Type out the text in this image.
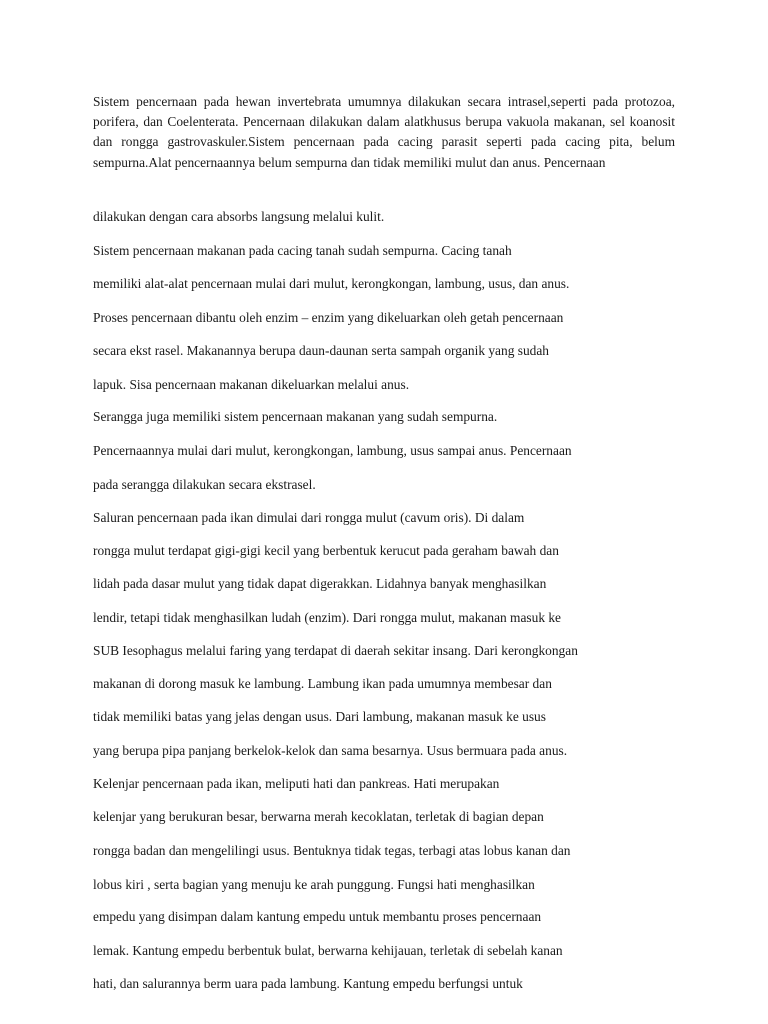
Sistem pencernaan pada hewan invertebrata umumnya dilakukan secara intrasel,seperti pada protozoa, porifera, dan Coelenterata. Pencernaan dilakukan dalam alatkhusus berupa vakuola makanan, sel koanosit dan rongga gastrovaskuler.Sistem pencernaan pada cacing parasit seperti pada cacing pita, belum sempurna.Alat pencernaannya belum sempurna dan tidak memiliki mulut dan anus. Pencernaan

dilakukan dengan cara absorbs langsung melalui kulit.

Sistem pencernaan makanan pada cacing tanah sudah sempurna. Cacing tanah

memiliki alat-alat pencernaan mulai dari mulut, kerongkongan, lambung, usus, dan anus.

Proses pencernaan dibantu oleh enzim – enzim yang dikeluarkan oleh getah pencernaan

secara ekst rasel. Makanannya berupa daun-daunan serta sampah organik yang sudah

lapuk. Sisa pencernaan makanan dikeluarkan melalui anus.

Serangga juga memiliki sistem pencernaan makanan yang sudah sempurna.

Pencernaannya mulai dari mulut, kerongkongan, lambung, usus sampai anus. Pencernaan

pada serangga dilakukan secara ekstrasel.

Saluran pencernaan pada ikan dimulai dari rongga mulut (cavum oris). Di dalam

rongga mulut terdapat gigi-gigi kecil yang berbentuk kerucut pada geraham bawah dan

lidah pada dasar mulut yang tidak dapat digerakkan. Lidahnya banyak menghasilkan

lendir, tetapi tidak menghasilkan ludah (enzim). Dari rongga mulut, makanan masuk ke

SUB Iesophagus melalui faring yang terdapat di daerah sekitar insang. Dari kerongkongan

makanan di dorong masuk ke lambung. Lambung ikan pada umumnya membesar dan

tidak memiliki batas yang jelas dengan usus. Dari lambung, makanan masuk ke usus

yang berupa pipa panjang berkelok-kelok dan sama besarnya. Usus bermuara pada anus.

Kelenjar pencernaan pada ikan, meliputi hati dan pankreas. Hati merupakan

kelenjar yang berukuran besar, berwarna merah kecoklatan, terletak di bagian depan

rongga badan dan mengelilingi usus. Bentuknya tidak tegas, terbagi atas lobus kanan dan

lobus kiri , serta bagian yang menuju ke arah punggung. Fungsi hati menghasilkan

empedu yang disimpan dalam kantung empedu untuk membantu proses pencernaan

lemak. Kantung empedu berbentuk bulat, berwarna kehijauan, terletak di sebelah kanan

hati, dan salurannya berm uara pada lambung. Kantung empedu berfungsi untuk
